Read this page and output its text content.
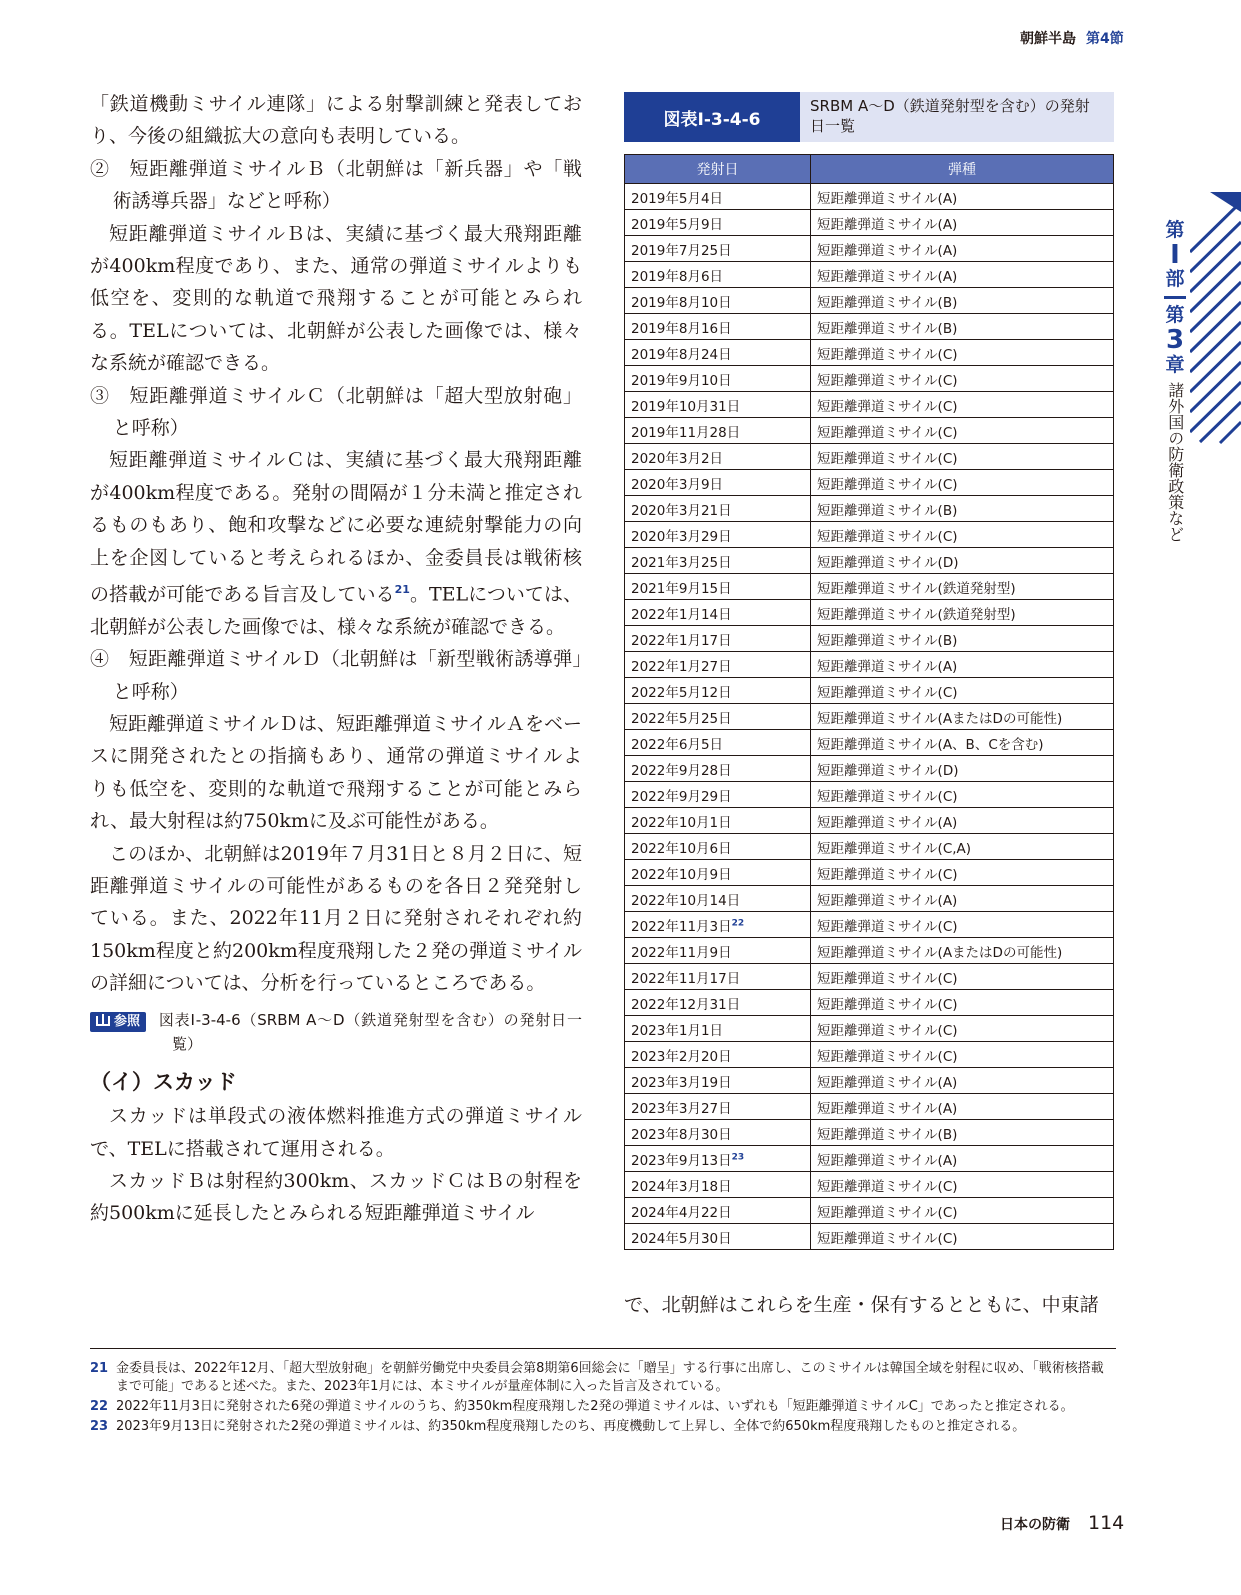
朝鮮半島 第4節

「鉄道機動ミサイル連隊」による射撃訓練と発表しており、今後の組織拡大の意向も表明している。

②　短距離弾道ミサイルＢ（北朝鮮は「新兵器」や「戦術誘導兵器」などと呼称）

短距離弾道ミサイルＢは、実績に基づく最大飛翔距離が400km程度であり、また、通常の弾道ミサイルよりも低空を、変則的な軌道で飛翔することが可能とみられる。TELについては、北朝鮮が公表した画像では、様々な系統が確認できる。

③　短距離弾道ミサイルＣ（北朝鮮は「超大型放射砲」と呼称）

短距離弾道ミサイルＣは、実績に基づく最大飛翔距離が400km程度である。発射の間隔が１分未満と推定されるものもあり、飽和攻撃などに必要な連続射撃能力の向上を企図していると考えられるほか、金委員長は戦術核の搭載が可能である旨言及している$^{21}$。TELについては、北朝鮮が公表した画像では、様々な系統が確認できる。

④　短距離弾道ミサイルＤ（北朝鮮は「新型戦術誘導弾」と呼称）

短距離弾道ミサイルＤは、短距離弾道ミサイルＡをベースに開発されたとの指摘もあり、通常の弾道ミサイルよりも低空を、変則的な軌道で飛翔することが可能とみられ、最大射程は約750kmに及ぶ可能性がある。

このほか、北朝鮮は2019年７月31日と８月２日に、短距離弾道ミサイルの可能性があるものを各日２発発射している。また、2022年11月２日に発射されそれぞれ約150km程度と約200km程度飛翔した２発の弾道ミサイルの詳細については、分析を行っているところである。

参照 図表Ⅰ-3-4-6（SRBM A～D（鉄道発射型を含む）の発射日一覧）

（イ）スカッド

スカッドは単段式の液体燃料推進方式の弾道ミサイルで、TELに搭載されて運用される。

スカッドＢは射程約300km、スカッドＣはＢの射程を約500kmに延長したとみられる短距離弾道ミサイル

図表Ⅰ-3-4-6
SRBM A～D（鉄道発射型を含む）の発射日一覧
発射日	弾種
2019年5月4日	短距離弾道ミサイル(A)
2019年5月9日	短距離弾道ミサイル(A)
2019年7月25日	短距離弾道ミサイル(A)
2019年8月6日	短距離弾道ミサイル(A)
2019年8月10日	短距離弾道ミサイル(B)
2019年8月16日	短距離弾道ミサイル(B)
2019年8月24日	短距離弾道ミサイル(C)
2019年9月10日	短距離弾道ミサイル(C)
2019年10月31日	短距離弾道ミサイル(C)
2019年11月28日	短距離弾道ミサイル(C)
2020年3月2日	短距離弾道ミサイル(C)
2020年3月9日	短距離弾道ミサイル(C)
2020年3月21日	短距離弾道ミサイル(B)
2020年3月29日	短距離弾道ミサイル(C)
2021年3月25日	短距離弾道ミサイル(D)
2021年9月15日	短距離弾道ミサイル(鉄道発射型)
2022年1月14日	短距離弾道ミサイル(鉄道発射型)
2022年1月17日	短距離弾道ミサイル(B)
2022年1月27日	短距離弾道ミサイル(A)
2022年5月12日	短距離弾道ミサイル(C)
2022年5月25日	短距離弾道ミサイル(AまたはDの可能性)
2022年6月5日	短距離弾道ミサイル(A、B、Cを含む)
2022年9月28日	短距離弾道ミサイル(D)
2022年9月29日	短距離弾道ミサイル(C)
2022年10月1日	短距離弾道ミサイル(A)
2022年10月6日	短距離弾道ミサイル(C,A)
2022年10月9日	短距離弾道ミサイル(C)
2022年10月14日	短距離弾道ミサイル(A)
2022年11月3日$^{22}$	短距離弾道ミサイル(C)
2022年11月9日	短距離弾道ミサイル(AまたはDの可能性)
2022年11月17日	短距離弾道ミサイル(C)
2022年12月31日	短距離弾道ミサイル(C)
2023年1月1日	短距離弾道ミサイル(C)
2023年2月20日	短距離弾道ミサイル(C)
2023年3月19日	短距離弾道ミサイル(A)
2023年3月27日	短距離弾道ミサイル(A)
2023年8月30日	短距離弾道ミサイル(B)
2023年9月13日$^{23}$	短距離弾道ミサイル(A)
2024年3月18日	短距離弾道ミサイル(C)
2024年4月22日	短距離弾道ミサイル(C)
2024年5月30日	短距離弾道ミサイル(C)
で、北朝鮮はこれらを生産・保有するとともに、中東諸
21 金委員長は、2022年12月、「超大型放射砲」を朝鮮労働党中央委員会第8期第6回総会に「贈呈」する行事に出席し、このミサイルは韓国全域を射程に収め、「戦術核搭載まで可能」であると述べた。また、2023年1月には、本ミサイルが量産体制に入った旨言及されている。
22 2022年11月3日に発射された6発の弾道ミサイルのうち、約350km程度飛翔した2発の弾道ミサイルは、いずれも「短距離弾道ミサイルC」であったと推定される。
23 2023年9月13日に発射された2発の弾道ミサイルは、約350km程度飛翔したのち、再度機動して上昇し、全体で約650km程度飛翔したものと推定される。
日本の防衛 114
第
Ⅰ
部
第
3
章
諸外国の防衛政策など
